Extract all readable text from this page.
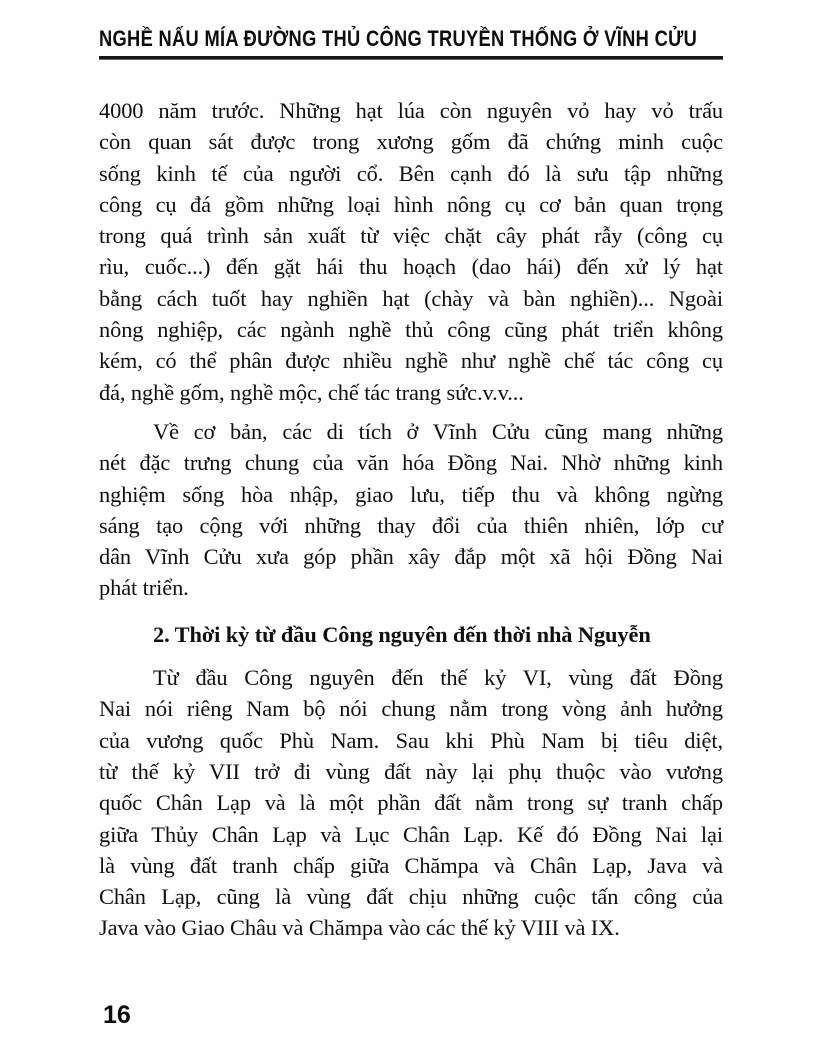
NGHỀ NẤU MÍA ĐƯỜNG THỦ CÔNG TRUYỀN THỐNG Ở VĨNH CỬU
4000 năm trước. Những hạt lúa còn nguyên vỏ hay vỏ trấu
còn quan sát được trong xương gốm đã chứng minh cuộc
sống kinh tế của người cổ. Bên cạnh đó là sưu tập những
công cụ đá gồm những loại hình nông cụ cơ bản quan trọng
trong quá trình sản xuất từ việc chặt cây phát rẫy (công cụ
rìu, cuốc...) đến gặt hái thu hoạch (dao hái) đến xử lý hạt
bằng cách tuốt hay nghiền hạt (chày và bàn nghiền)... Ngoài
nông nghiệp, các ngành nghề thủ công cũng phát triển không
kém, có thể phân được nhiều nghề như nghề chế tác công cụ
đá, nghề gốm, nghề mộc, chế tác trang sức.v.v...
Về cơ bản, các di tích ở Vĩnh Cửu cũng mang những
nét đặc trưng chung của văn hóa Đồng Nai. Nhờ những kinh
nghiệm sống hòa nhập, giao lưu, tiếp thu và không ngừng
sáng tạo cộng với những thay đổi của thiên nhiên, lớp cư
dân Vĩnh Cửu xưa góp phần xây đắp một xã hội Đồng Nai
phát triển.
2. Thời kỳ từ đầu Công nguyên đến thời nhà Nguyễn
Từ đầu Công nguyên đến thế kỷ VI, vùng đất Đồng
Nai nói riêng Nam bộ nói chung nằm trong vòng ảnh hưởng
của vương quốc Phù Nam. Sau khi Phù Nam bị tiêu diệt,
từ thế kỷ VII trở đi vùng đất này lại phụ thuộc vào vương
quốc Chân Lạp và là một phần đất nằm trong sự tranh chấp
giữa Thủy Chân Lạp và Lục Chân Lạp. Kế đó Đồng Nai lại
là vùng đất tranh chấp giữa Chămpa và Chân Lạp, Java và
Chân Lạp, cũng là vùng đất chịu những cuộc tấn công của
Java vào Giao Châu và Chămpa vào các thế kỷ VIII và IX.
16
